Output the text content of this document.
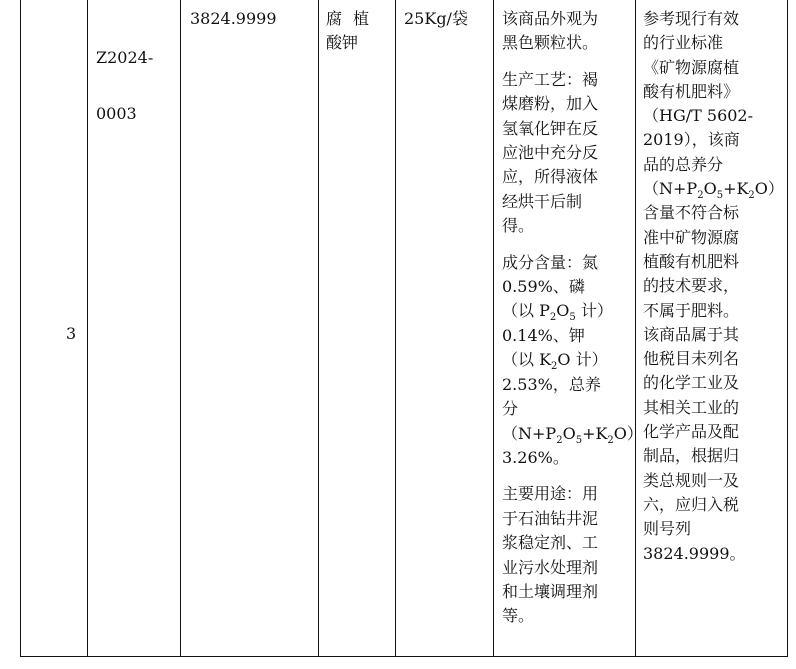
3
Z2024-
0003
3824.9999	腐植
酸钾
25Kg/袋 该商品外观为
黑色颗粒状。
生产工艺：褐
煤磨粉，加入
氢氧化钾在反
应池中充分反
应，所得液体
经烘干后制
得。
成分含量：氮
0.59%、磷
（以 $P_2O_5$ 计）
0.14%、钾
（以 $K_2O$ 计）
2.53%，总养
分
$(N+P_2O_5+K_2O)$
3.26%。
主要用途：用
于石油钻井泥
浆稳定剂、工
业污水处理剂
和土壤调理剂
等。
参考现行有效
的行业标准
《矿物源腐植
酸有机肥料》
（HG/T 5602-
2019），该商
品的总养分
$(N+P_2O_5+K_2O)$
含量不符合标
准中矿物源腐
植酸有机肥料
的技术要求，
不属于肥料。
该商品属于其
他税目未列名
的化学工业及
其相关工业的
化学产品及配
制品，根据归
类总规则一及
六，应归入税
则号列
3824.9999。
